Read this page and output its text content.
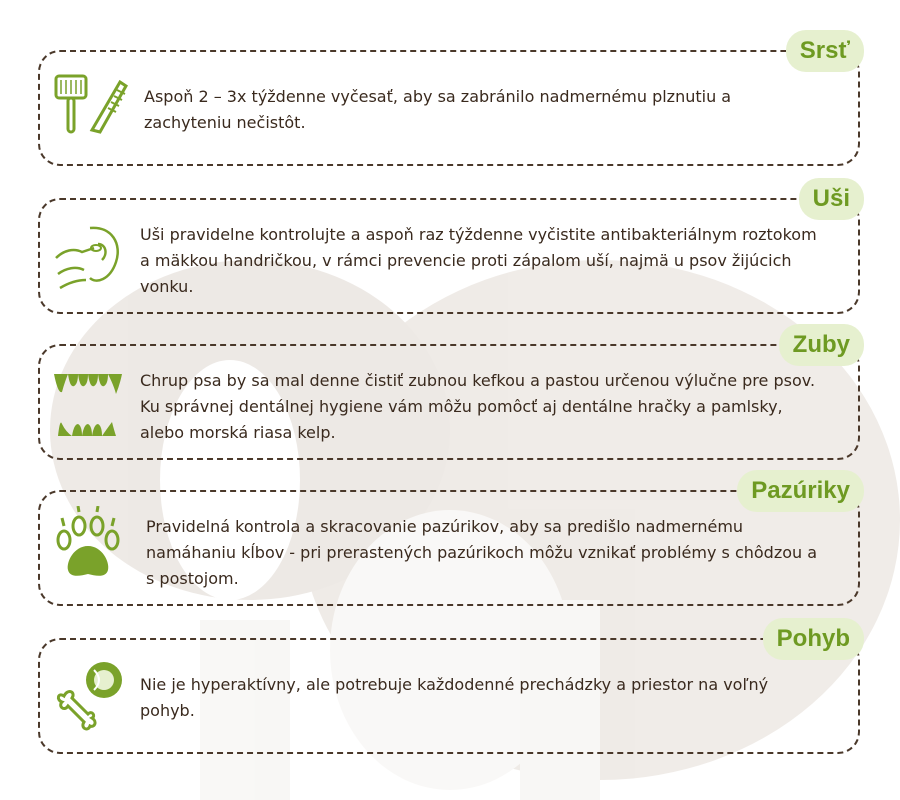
Srsť
Aspoň 2 – 3x týždenne vyčesať, aby sa zabránilo nadmernému plznutiu a zachyteniu nečistôt.
Uši
Uši pravidelne kontrolujte a aspoň raz týždenne vyčistite antibakteriálnym roztokom a mäkkou handričkou, v rámci prevencie proti zápalom uší, najmä u psov žijúcich vonku.
Zuby
Chrup psa by sa mal denne čistiť zubnou kefkou a pastou určenou výlučne pre psov. Ku správnej dentálnej hygiene vám môžu pomôcť aj dentálne hračky a pamlsky, alebo morská riasa kelp.
Pazúriky
Pravidelná kontrola a skracovanie pazúrikov, aby sa predišlo nadmernému namáhaniu kĺbov - pri prerastených pazúrikoch môžu vznikať problémy s chôdzou a s postojom.
Pohyb
Nie je hyperaktívny, ale potrebuje každodenné prechádzky a priestor na voľný pohyb.
